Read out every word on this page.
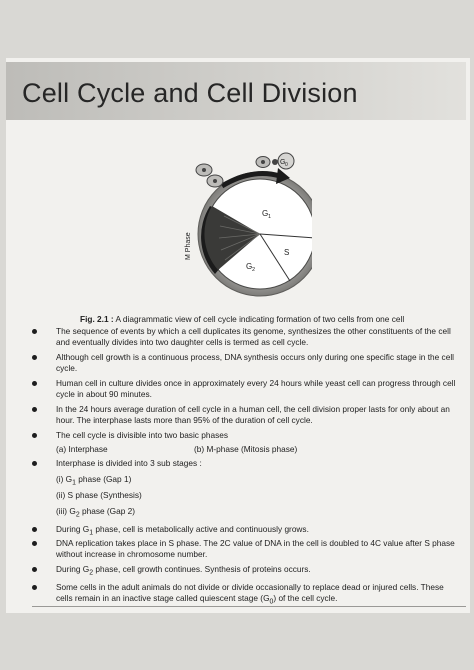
Cell Cycle and Cell Division
G 0
G 1
S
G 2
M Phase
Fig. 2.1 : A diagrammatic view of cell cycle indicating formation of two cells from one cell
The sequence of events by which a cell duplicates its genome, synthesizes the other constituents of the cell
and eventually divides into two daughter cells is termed as cell cycle.
Although cell growth is a continuous process, DNA synthesis occurs only during one specific stage in the cell
cycle.
Human cell in culture divides once in approximately every 24 hours while yeast cell can progress through cell
cycle in about 90 minutes.
In the 24 hours average duration of cell cycle in a human cell, the cell division proper lasts for only about an
hour. The interphase lasts more than 95% of the duration of cell cycle.
The cell cycle is divisible into two basic phases
(a) Interphase	(b) M-phase (Mitosis phase)
Interphase is divided into 3 sub stages :
(i) $G_1$ phase (Gap 1)
(ii) S phase (Synthesis)
(iii) $G_2$ phase (Gap 2)
During $G_1$ phase, cell is metabolically active and continuously grows.
DNA replication takes place in S phase. The 2C value of DNA in the cell is doubled to 4C value after S phase
without increase in chromosome number.
During $G_2$ phase, cell growth continues. Synthesis of proteins occurs.
Some cells in the adult animals do not divide or divide occasionally to replace dead or injured cells. These
cells remain in an inactive stage called quiescent stage $(G_0)$ of the cell cycle.
